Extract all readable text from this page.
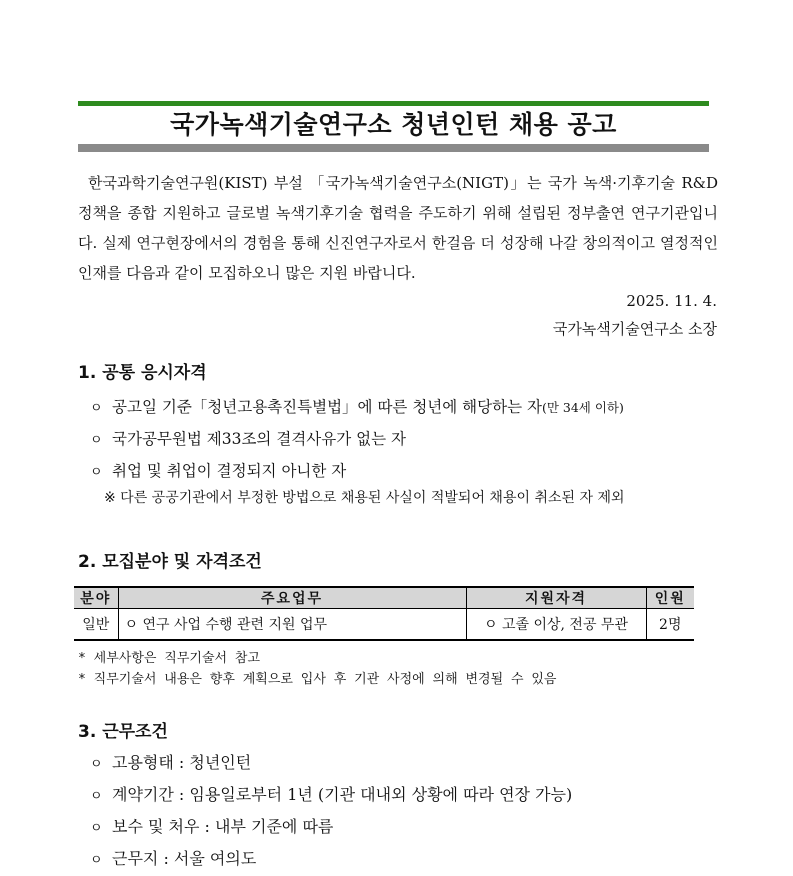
국가녹색기술연구소 청년인턴 채용 공고

한국과학기술연구원(KIST) 부설 「국가녹색기술연구소(NIGT)」는 국가 녹색·기후기술 R&D 정책을 종합 지원하고 글로벌 녹색기후기술 협력을 주도하기 위해 설립된 정부출연 연구기관입니다. 실제 연구현장에서의 경험을 통해 신진연구자로서 한걸음 더 성장해 나갈 창의적이고 열정적인 인재를 다음과 같이 모집하오니 많은 지원 바랍니다.

2025. 11. 4.
국가녹색기술연구소 소장
1. 공통 응시자격
ㅇ 공고일 기준「청년고용촉진특별법」에 따른 청년에 해당하는 자 (만 34세 이하)
ㅇ 국가공무원법 제33조의 결격사유가 없는 자
ㅇ 취업 및 취업이 결정되지 아니한 자
※ 다른 공공기관에서 부정한 방법으로 채용된 사실이 적발되어 채용이 취소된 자 제외
2. 모집분야 및 자격조건
분야	주요업무	지원자격	인원
일반	ㅇ 연구 사업 수행 관련 지원 업무	ㅇ 고졸 이상, 전공 무관	2명
* 세부사항은 직무기술서 참고
* 직무기술서 내용은 향후 계획으로 입사 후 기관 사정에 의해 변경될 수 있음
3. 근무조건
ㅇ 고용형태 : 청년인턴
ㅇ 계약기간 : 임용일로부터 1년 (기관 대내외 상황에 따라 연장 가능)
ㅇ 보수 및 처우 : 내부 기준에 따름
ㅇ 근무지 : 서울 여의도
